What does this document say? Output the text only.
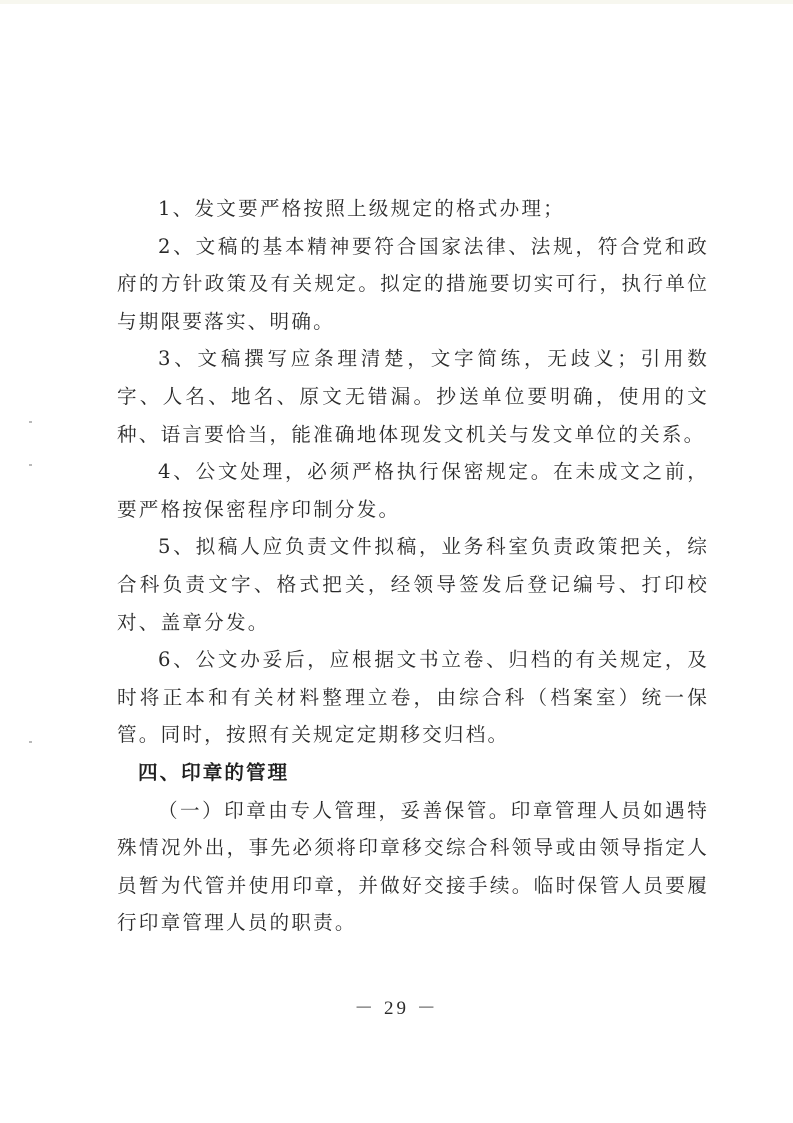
1、发文要严格按照上级规定的格式办理；

2、文稿的基本精神要符合国家法律、法规，符合党和政府的方针政策及有关规定。拟定的措施要切实可行，执行单位与期限要落实、明确。

3、文稿撰写应条理清楚，文字简练，无歧义；引用数字、人名、地名、原文无错漏。抄送单位要明确，使用的文种、语言要恰当，能准确地体现发文机关与发文单位的关系。

4、公文处理，必须严格执行保密规定。在未成文之前，要严格按保密程序印制分发。

5、拟稿人应负责文件拟稿，业务科室负责政策把关，综合科负责文字、格式把关，经领导签发后登记编号、打印校对、盖章分发。

6、公文办妥后，应根据文书立卷、归档的有关规定，及时将正本和有关材料整理立卷，由综合科（档案室）统一保管。同时，按照有关规定定期移交归档。

四、印章的管理

（一）印章由专人管理，妥善保管。印章管理人员如遇特殊情况外出，事先必须将印章移交综合科领导或由领导指定人员暂为代管并使用印章，并做好交接手续。临时保管人员要履行印章管理人员的职责。

－ 29 －
